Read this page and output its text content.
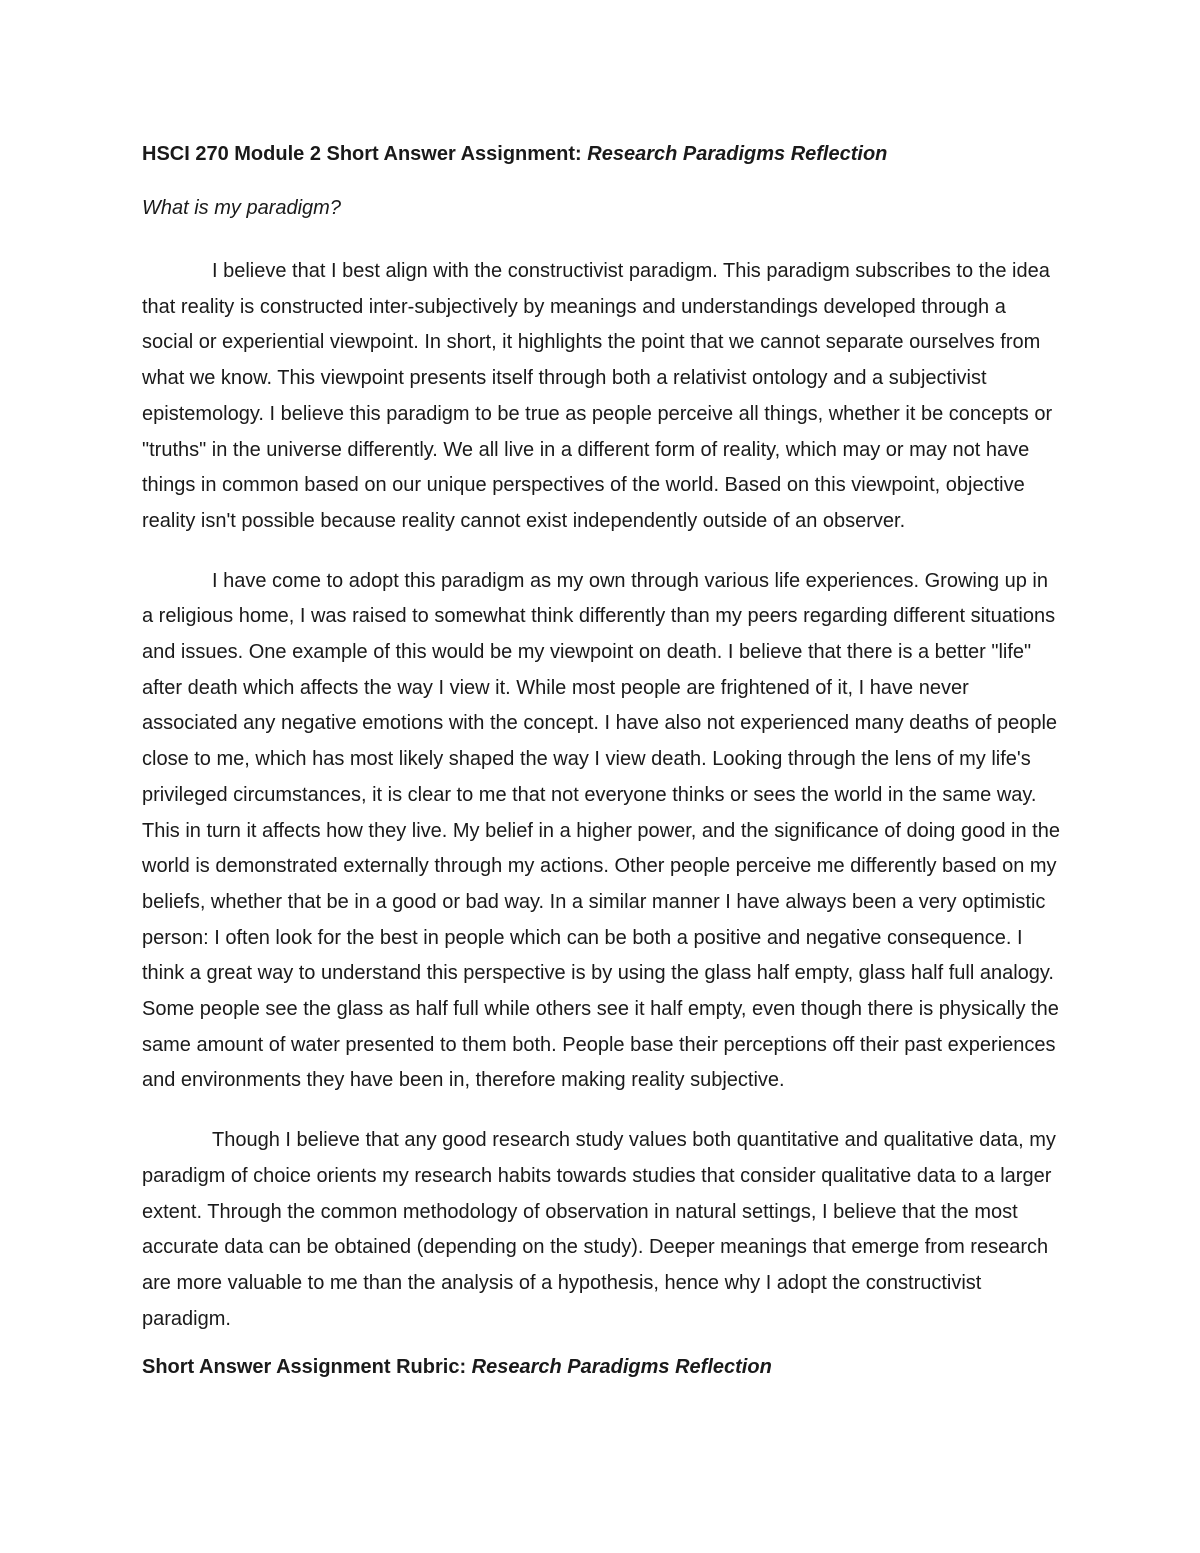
HSCI 270 Module 2 Short Answer Assignment: Research Paradigms Reflection

What is my paradigm?

I believe that I best align with the constructivist paradigm. This paradigm subscribes to the idea that reality is constructed inter-subjectively by meanings and understandings developed through a social or experiential viewpoint. In short, it highlights the point that we cannot separate ourselves from what we know. This viewpoint presents itself through both a relativist ontology and a subjectivist epistemology. I believe this paradigm to be true as people perceive all things, whether it be concepts or "truths" in the universe differently. We all live in a different form of reality, which may or may not have things in common based on our unique perspectives of the world. Based on this viewpoint, objective reality isn't possible because reality cannot exist independently outside of an observer.

I have come to adopt this paradigm as my own through various life experiences. Growing up in a religious home, I was raised to somewhat think differently than my peers regarding different situations and issues. One example of this would be my viewpoint on death. I believe that there is a better "life" after death which affects the way I view it. While most people are frightened of it, I have never associated any negative emotions with the concept. I have also not experienced many deaths of people close to me, which has most likely shaped the way I view death. Looking through the lens of my life's privileged circumstances, it is clear to me that not everyone thinks or sees the world in the same way. This in turn it affects how they live. My belief in a higher power, and the significance of doing good in the world is demonstrated externally through my actions. Other people perceive me differently based on my beliefs, whether that be in a good or bad way. In a similar manner I have always been a very optimistic person: I often look for the best in people which can be both a positive and negative consequence. I think a great way to understand this perspective is by using the glass half empty, glass half full analogy. Some people see the glass as half full while others see it half empty, even though there is physically the same amount of water presented to them both. People base their perceptions off their past experiences and environments they have been in, therefore making reality subjective.

Though I believe that any good research study values both quantitative and qualitative data, my paradigm of choice orients my research habits towards studies that consider qualitative data to a larger extent. Through the common methodology of observation in natural settings, I believe that the most accurate data can be obtained (depending on the study). Deeper meanings that emerge from research are more valuable to me than the analysis of a hypothesis, hence why I adopt the constructivist paradigm.

Short Answer Assignment Rubric: Research Paradigms Reflection
